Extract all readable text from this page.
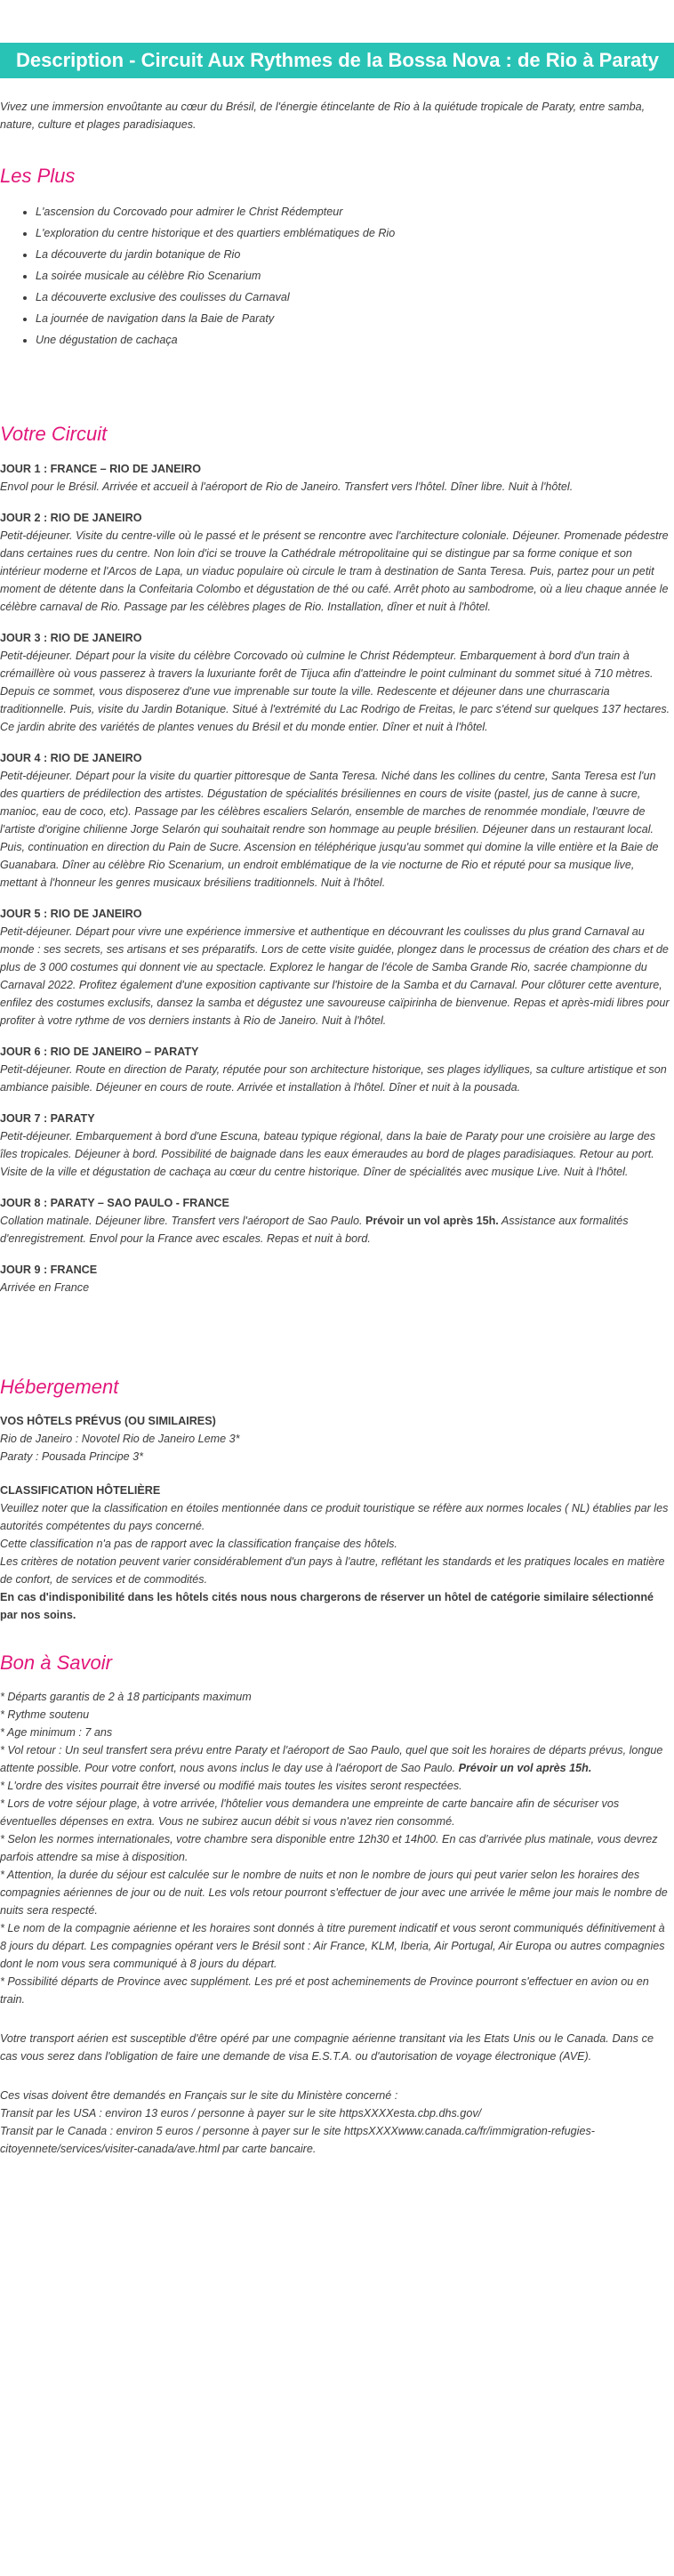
Description - Circuit Aux Rythmes de la Bossa Nova : de Rio à Paraty
Vivez une immersion envoûtante au cœur du Brésil, de l'énergie étincelante de Rio à la quiétude tropicale de Paraty, entre samba, nature, culture et plages paradisiaques.
Les Plus
• L'ascension du Corcovado pour admirer le Christ Rédempteur
• L'exploration du centre historique et des quartiers emblématiques de Rio
• La découverte du jardin botanique de Rio
• La soirée musicale au célèbre Rio Scenarium
• La découverte exclusive des coulisses du Carnaval
• La journée de navigation dans la Baie de Paraty
• Une dégustation de cachaça
Votre Circuit
JOUR 1 : FRANCE – RIO DE JANEIRO
Envol pour le Brésil. Arrivée et accueil à l'aéroport de Rio de Janeiro. Transfert vers l'hôtel. Dîner libre. Nuit à l'hôtel.
JOUR 2 : RIO DE JANEIRO
Petit-déjeuner. Visite du centre-ville où le passé et le présent se rencontre avec l'architecture coloniale. Déjeuner. Promenade pédestre dans certaines rues du centre. Non loin d'ici se trouve la Cathédrale métropolitaine qui se distingue par sa forme conique et son intérieur moderne et l'Arcos de Lapa, un viaduc populaire où circule le tram à destination de Santa Teresa. Puis, partez pour un petit moment de détente dans la Confeitaria Colombo et dégustation de thé ou café. Arrêt photo au sambodrome, où a lieu chaque année le célèbre carnaval de Rio. Passage par les célèbres plages de Rio. Installation, dîner et nuit à l'hôtel.
JOUR 3 : RIO DE JANEIRO
Petit-déjeuner. Départ pour la visite du célèbre Corcovado où culmine le Christ Rédempteur. Embarquement à bord d'un train à crémaillère où vous passerez à travers la luxuriante forêt de Tijuca afin d'atteindre le point culminant du sommet situé à 710 mètres. Depuis ce sommet, vous disposerez d'une vue imprenable sur toute la ville. Redescente et déjeuner dans une churrascaria traditionnelle. Puis, visite du Jardin Botanique. Situé à l'extrémité du Lac Rodrigo de Freitas, le parc s'étend sur quelques 137 hectares. Ce jardin abrite des variétés de plantes venues du Brésil et du monde entier. Dîner et nuit à l'hôtel.
JOUR 4 : RIO DE JANEIRO
Petit-déjeuner. Départ pour la visite du quartier pittoresque de Santa Teresa. Niché dans les collines du centre, Santa Teresa est l'un des quartiers de prédilection des artistes. Dégustation de spécialités brésiliennes en cours de visite (pastel, jus de canne à sucre, manioc, eau de coco, etc). Passage par les célèbres escaliers Selarón, ensemble de marches de renommée mondiale, l'œuvre de l'artiste d'origine chilienne Jorge Selarón qui souhaitait rendre son hommage au peuple brésilien. Déjeuner dans un restaurant local. Puis, continuation en direction du Pain de Sucre. Ascension en téléphérique jusqu'au sommet qui domine la ville entière et la Baie de Guanabara. Dîner au célèbre Rio Scenarium, un endroit emblématique de la vie nocturne de Rio et réputé pour sa musique live, mettant à l'honneur les genres musicaux brésiliens traditionnels. Nuit à l'hôtel.
JOUR 5 : RIO DE JANEIRO
Petit-déjeuner. Départ pour vivre une expérience immersive et authentique en découvrant les coulisses du plus grand Carnaval au monde : ses secrets, ses artisans et ses préparatifs. Lors de cette visite guidée, plongez dans le processus de création des chars et de plus de 3 000 costumes qui donnent vie au spectacle. Explorez le hangar de l'école de Samba Grande Rio, sacrée championne du Carnaval 2022. Profitez également d'une exposition captivante sur l'histoire de la Samba et du Carnaval. Pour clôturer cette aventure, enfilez des costumes exclusifs, dansez la samba et dégustez une savoureuse caïpirinha de bienvenue. Repas et après-midi libres pour profiter à votre rythme de vos derniers instants à Rio de Janeiro. Nuit à l'hôtel.
JOUR 6 : RIO DE JANEIRO – PARATY
Petit-déjeuner. Route en direction de Paraty, réputée pour son architecture historique, ses plages idylliques, sa culture artistique et son ambiance paisible. Déjeuner en cours de route. Arrivée et installation à l'hôtel. Dîner et nuit à la pousada.
JOUR 7 : PARATY
Petit-déjeuner. Embarquement à bord d'une Escuna, bateau typique régional, dans la baie de Paraty pour une croisière au large des îles tropicales. Déjeuner à bord. Possibilité de baignade dans les eaux émeraudes au bord de plages paradisiaques. Retour au port. Visite de la ville et dégustation de cachaça au cœur du centre historique. Dîner de spécialités avec musique Live. Nuit à l'hôtel.
JOUR 8 : PARATY – SAO PAULO - FRANCE
Collation matinale. Déjeuner libre. Transfert vers l'aéroport de Sao Paulo. Prévoir un vol après 15h. Assistance aux formalités d'enregistrement. Envol pour la France avec escales. Repas et nuit à bord.
JOUR 9 : FRANCE
Arrivée en France
Hébergement
VOS HÔTELS PRÉVUS (OU SIMILAIRES)
Rio de Janeiro : Novotel Rio de Janeiro Leme 3*
Paraty : Pousada Principe 3*
CLASSIFICATION HÔTELIÈRE
Veuillez noter que la classification en étoiles mentionnée dans ce produit touristique se réfère aux normes locales ( NL) établies par les autorités compétentes du pays concerné.
Cette classification n'a pas de rapport avec la classification française des hôtels.
Les critères de notation peuvent varier considérablement d'un pays à l'autre, reflétant les standards et les pratiques locales en matière de confort, de services et de commodités.
En cas d'indisponibilité dans les hôtels cités nous nous chargerons de réserver un hôtel de catégorie similaire sélectionné par nos soins.
Bon à Savoir
* Départs garantis de 2 à 18 participants maximum
* Rythme soutenu
* Age minimum : 7 ans
* Vol retour : Un seul transfert sera prévu entre Paraty et l'aéroport de Sao Paulo, quel que soit les horaires de départs prévus, longue attente possible. Pour votre confort, nous avons inclus le day use à l'aéroport de Sao Paulo. Prévoir un vol après 15h.
* L'ordre des visites pourrait être inversé ou modifié mais toutes les visites seront respectées.
* Lors de votre séjour plage, à votre arrivée, l'hôtelier vous demandera une empreinte de carte bancaire afin de sécuriser vos éventuelles dépenses en extra. Vous ne subirez aucun débit si vous n'avez rien consommé.
* Selon les normes internationales, votre chambre sera disponible entre 12h30 et 14h00. En cas d'arrivée plus matinale, vous devrez parfois attendre sa mise à disposition.
* Attention, la durée du séjour est calculée sur le nombre de nuits et non le nombre de jours qui peut varier selon les horaires des compagnies aériennes de jour ou de nuit. Les vols retour pourront s'effectuer de jour avec une arrivée le même jour mais le nombre de nuits sera respecté.
* Le nom de la compagnie aérienne et les horaires sont donnés à titre purement indicatif et vous seront communiqués définitivement à 8 jours du départ. Les compagnies opérant vers le Brésil sont : Air France, KLM, Iberia, Air Portugal, Air Europa ou autres compagnies dont le nom vous sera communiqué à 8 jours du départ.
* Possibilité départs de Province avec supplément. Les pré et post acheminements de Province pourront s'effectuer en avion ou en train.
Votre transport aérien est susceptible d'être opéré par une compagnie aérienne transitant via les Etats Unis ou le Canada. Dans ce cas vous serez dans l'obligation de faire une demande de visa E.S.T.A. ou d'autorisation de voyage électronique (AVE).
Ces visas doivent être demandés en Français sur le site du Ministère concerné :
Transit par les USA : environ 13 euros / personne à payer sur le site httpsXXXXesta.cbp.dhs.gov/
Transit par le Canada : environ 5 euros / personne à payer sur le site httpsXXXXwww.canada.ca/fr/immigration-refugies-citoyennete/services/visiter-canada/ave.html par carte bancaire.
